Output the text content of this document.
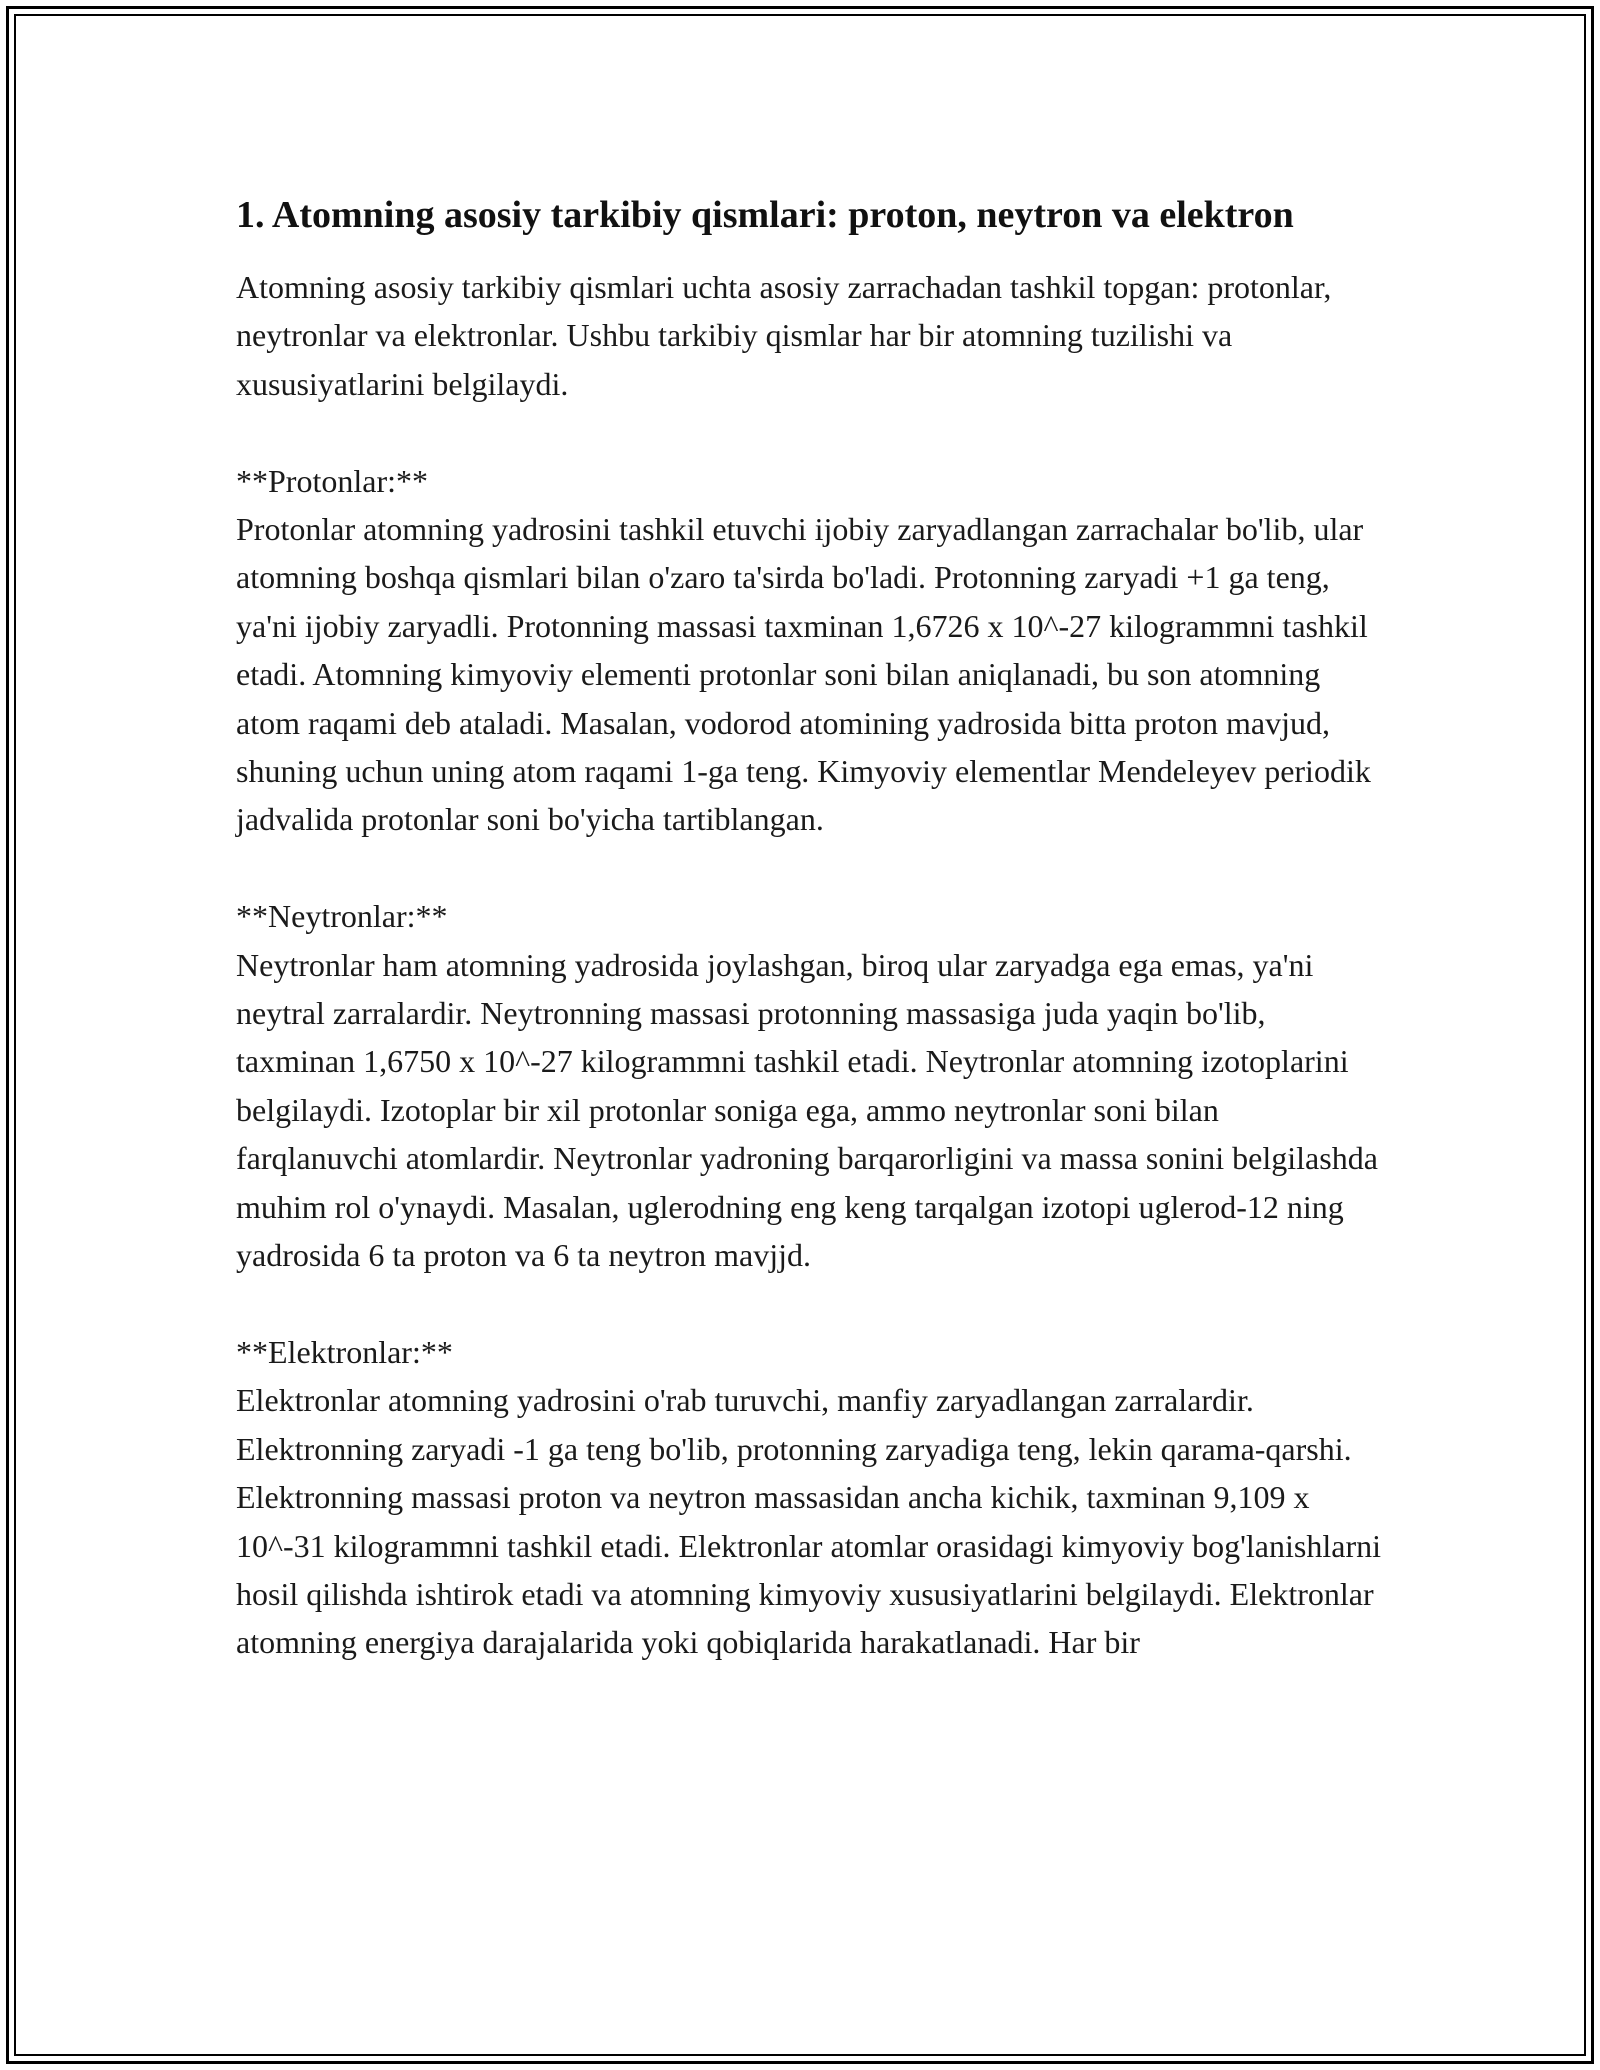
1. Atomning asosiy tarkibiy qismlari: proton, neytron va elektron

Atomning asosiy tarkibiy qismlari uchta asosiy zarrachadan tashkil topgan: protonlar, neytronlar va elektronlar. Ushbu tarkibiy qismlar har bir atomning tuzilishi va xususiyatlarini belgilaydi.

**Protonlar:**

Protonlar atomning yadrosini tashkil etuvchi ijobiy zaryadlangan zarrachalar bo'lib, ular atomning boshqa qismlari bilan o'zaro ta'sirda bo'ladi. Protonning zaryadi +1 ga teng, ya'ni ijobiy zaryadli. Protonning massasi taxminan 1,6726 x 10^-27 kilogrammni tashkil etadi. Atomning kimyoviy elementi protonlar soni bilan aniqlanadi, bu son atomning atom raqami deb ataladi. Masalan, vodorod atomining yadrosida bitta proton mavjud, shuning uchun uning atom raqami 1-ga teng. Kimyoviy elementlar Mendeleyev periodik jadvalida protonlar soni bo'yicha tartiblangan.

**Neytronlar:**

Neytronlar ham atomning yadrosida joylashgan, biroq ular zaryadga ega emas, ya'ni neytral zarralardir. Neytronning massasi protonning massasiga juda yaqin bo'lib, taxminan 1,6750 x 10^-27 kilogrammni tashkil etadi. Neytronlar atomning izotoplarini belgilaydi. Izotoplar bir xil protonlar soniga ega, ammo neytronlar soni bilan farqlanuvchi atomlardir. Neytronlar yadroning barqarorligini va massa sonini belgilashda muhim rol o'ynaydi. Masalan, uglerodning eng keng tarqalgan izotopi uglerod-12 ning yadrosida 6 ta proton va 6 ta neytron mavjjd.

**Elektronlar:**

Elektronlar atomning yadrosini o'rab turuvchi, manfiy zaryadlangan zarralardir. Elektronning zaryadi -1 ga teng bo'lib, protonning zaryadiga teng, lekin qarama-qarshi. Elektronning massasi proton va neytron massasidan ancha kichik, taxminan 9,109 x 10^-31 kilogrammni tashkil etadi. Elektronlar atomlar orasidagi kimyoviy bog'lanishlarni hosil qilishda ishtirok etadi va atomning kimyoviy xususiyatlarini belgilaydi. Elektronlar atomning energiya darajalarida yoki qobiqlarida harakatlanadi. Har bir
